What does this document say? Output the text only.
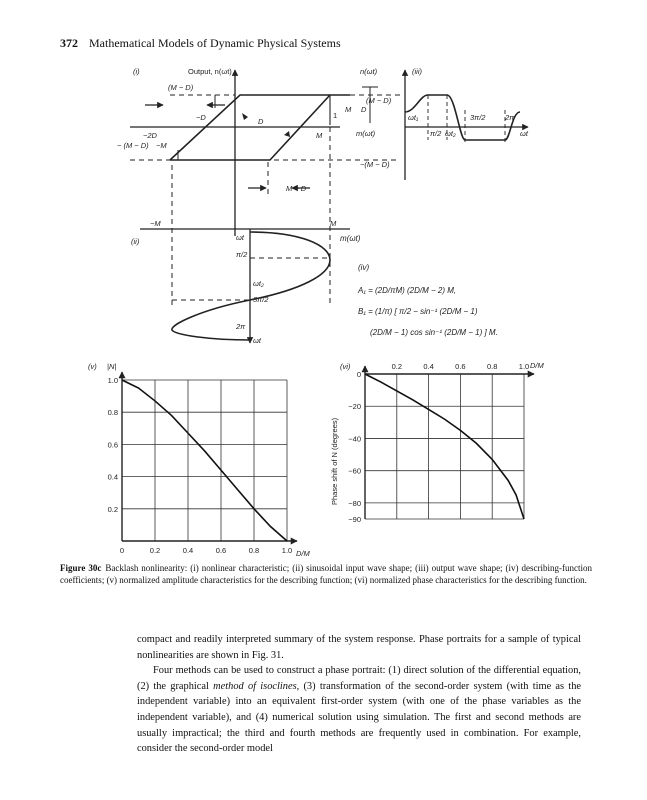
372 Mathematical Models of Dynamic Physical Systems
(i)	Output, n(ωt)
(M − D)
−D	D
M
1
−2D
− (M − D) −M
M − D
(ii)
−M	M
ωt
π/2
ωt₂
3π/2
2π
ωt
n(ωt)	(iii)
(M − D)
M D
ωt₁
π/2 ωt₂
3π/2	2π
ωt
m(ωt)
−(M − D)
m(ωt)
(iv)
A₁ = (2D/πM) (2D/M − 2) M,
B₁ = (1/π) [ π/2 − sin⁻¹ (2D/M − 1)
(2D/M − 1) cos sin⁻¹ (2D/M − 1) ] M.
0	0.2	0.4	0.6	0.8	1.0
1.0
0.8
0.6
0.4
0.2
(v) |N|
D/M
0.2	0.4	0.6	0.8	1.0
0
−20
−40
−60
−80
−90
(vi)	D/M
Phase shift of N (degrees)
Figure 30c Backlash nonlinearity: (i) nonlinear characteristic; (ii) sinusoidal input wave shape; (iii) output wave shape; (iv) describing-function coefficients; (v) normalized amplitude characteristics for the describing function; (vi) normalized phase characteristics for the describing function.

compact and readily interpreted summary of the system response. Phase portraits for a sample of typical nonlinearities are shown in Fig. 31.

Four methods can be used to construct a phase portrait: (1) direct solution of the differential equation, (2) the graphical method of isoclines, (3) transformation of the second-order system (with time as the independent variable) into an equivalent first-order system (with one of the phase variables as the independent variable), and (4) numerical solution using simulation. The first and second methods are usually impractical; the third and fourth methods are frequently used in combination. For example, consider the second-order model
